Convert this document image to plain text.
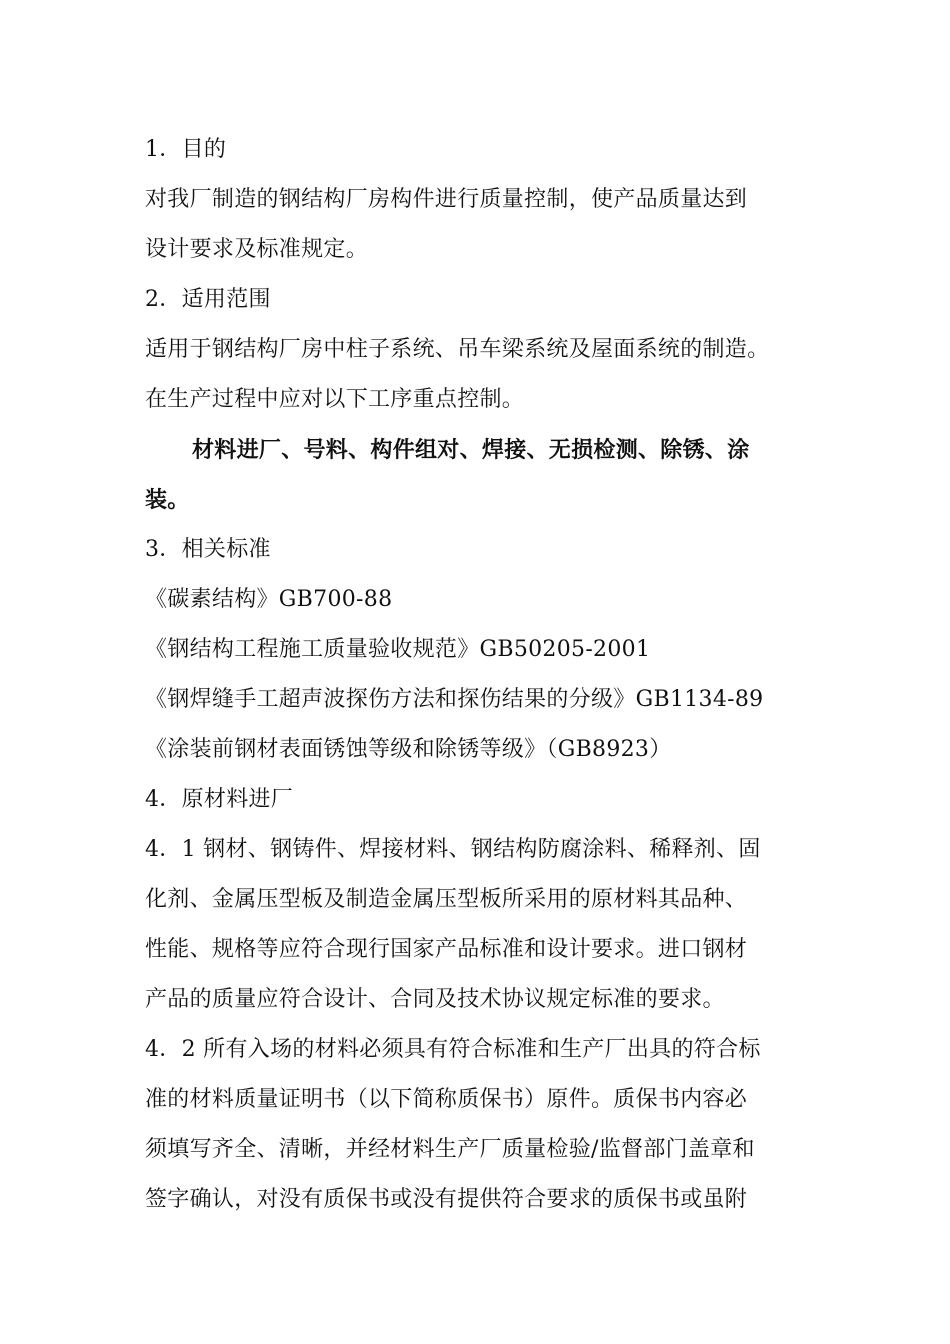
1．目的
对我厂制造的钢结构厂房构件进行质量控制，使产品质量达到
设计要求及标准规定。
2．适用范围
适用于钢结构厂房中柱子系统、吊车梁系统及屋面系统的制造。
在生产过程中应对以下工序重点控制。
材料进厂、号料、构件组对、焊接、无损检测、除锈、涂
装。
3．相关标准
《碳素结构》GB700-88
《钢结构工程施工质量验收规范》GB50205-2001
《钢焊缝手工超声波探伤方法和探伤结果的分级》GB1134-89
《涂装前钢材表面锈蚀等级和除锈等级》（GB8923）
4．原材料进厂
4．1 钢材、钢铸件、焊接材料、钢结构防腐涂料、稀释剂、固
化剂、金属压型板及制造金属压型板所采用的原材料其品种、
性能、规格等应符合现行国家产品标准和设计要求。进口钢材
产品的质量应符合设计、合同及技术协议规定标准的要求。
4．2 所有入场的材料必须具有符合标准和生产厂出具的符合标
准的材料质量证明书（以下简称质保书）原件。质保书内容必
须填写齐全、清晰，并经材料生产厂质量检验/监督部门盖章和
签字确认，对没有质保书或没有提供符合要求的质保书或虽附
